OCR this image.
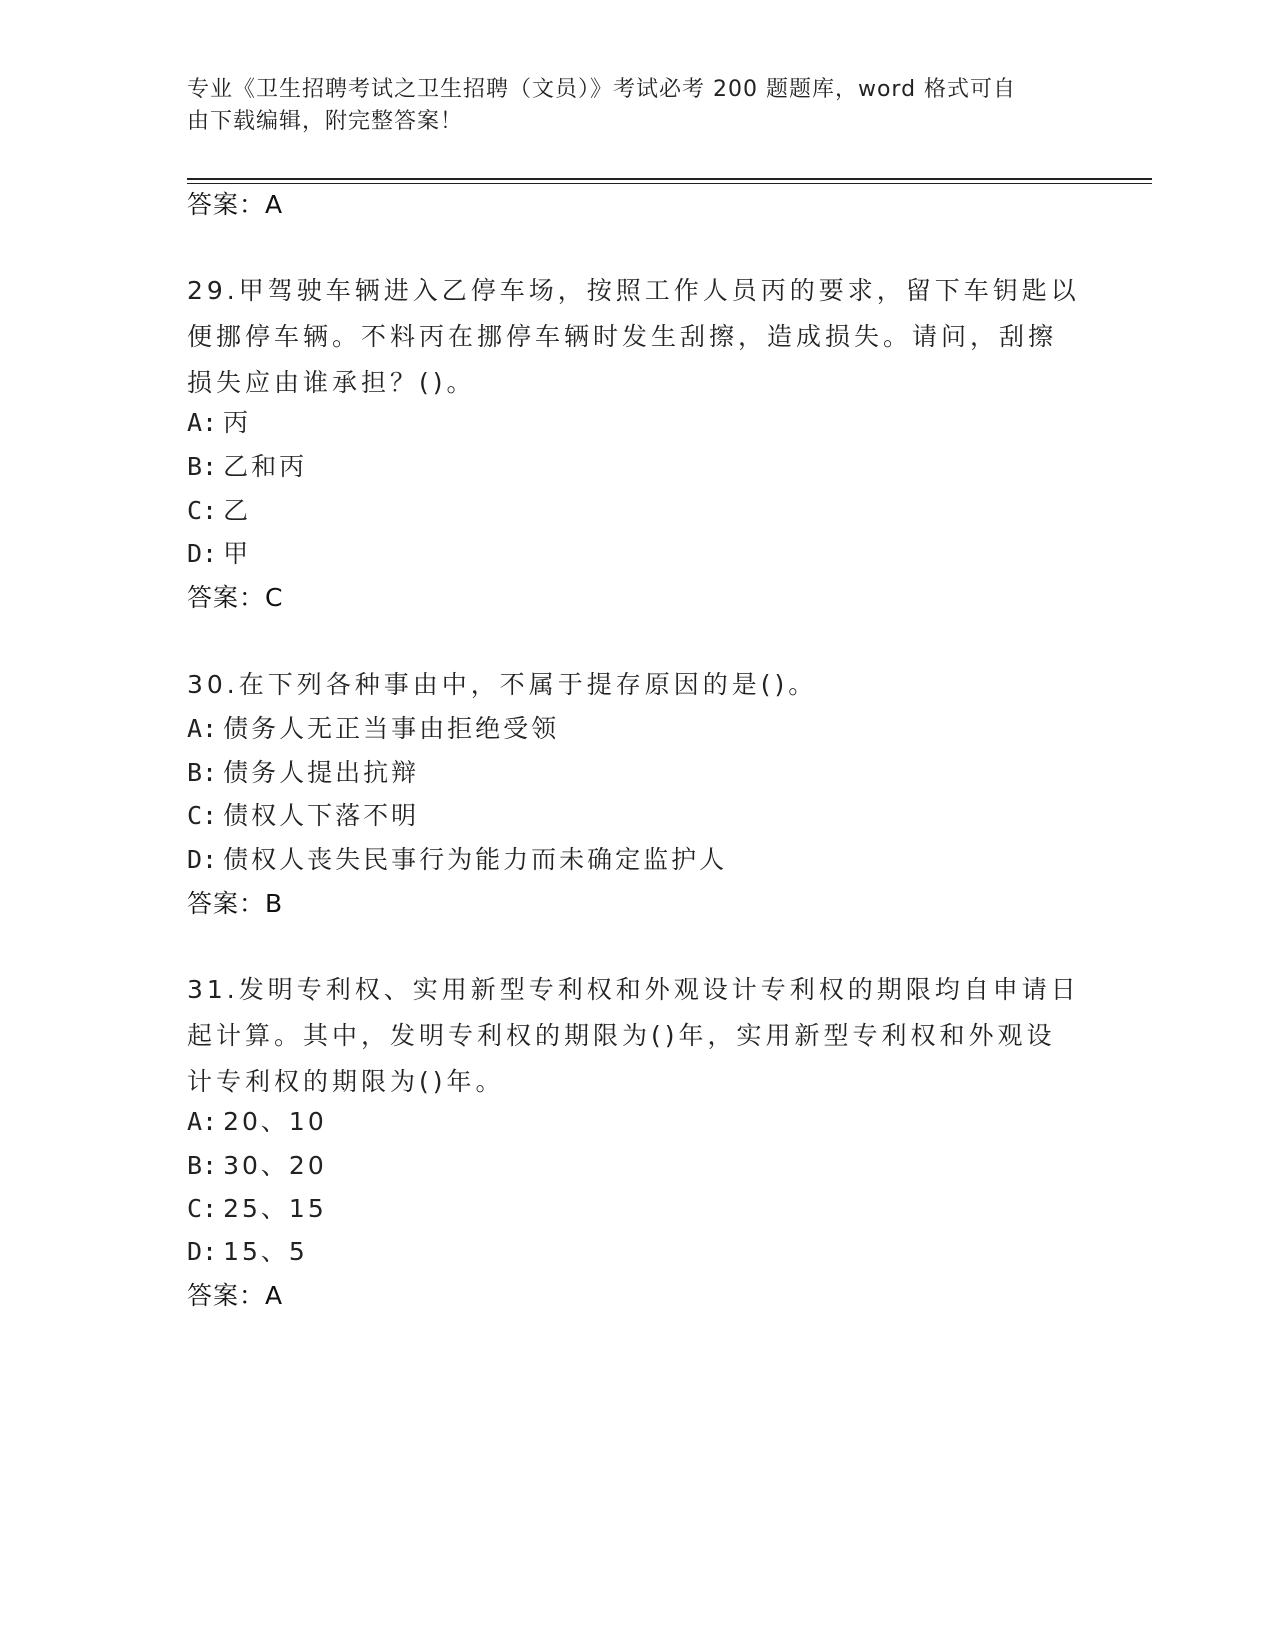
专业《卫生招聘考试之卫生招聘（文员）》考试必考 200 题题库，word 格式可自
由下载编辑，附完整答案！
答案：A
29.甲驾驶车辆进入乙停车场，按照工作人员丙的要求，留下车钥匙以
便挪停车辆。不料丙在挪停车辆时发生刮擦，造成损失。请问，刮擦
损失应由谁承担？()。
A: 丙
B: 乙和丙
C: 乙
D: 甲
答案：C
30.在下列各种事由中，不属于提存原因的是()。
A: 债务人无正当事由拒绝受领
B: 债务人提出抗辩
C: 债权人下落不明
D: 债权人丧失民事行为能力而未确定监护人
答案：B
31.发明专利权、实用新型专利权和外观设计专利权的期限均自申请日
起计算。其中，发明专利权的期限为()年，实用新型专利权和外观设
计专利权的期限为()年。
A: 20、10
B: 30、20
C: 25、15
D: 15、5
答案：A
